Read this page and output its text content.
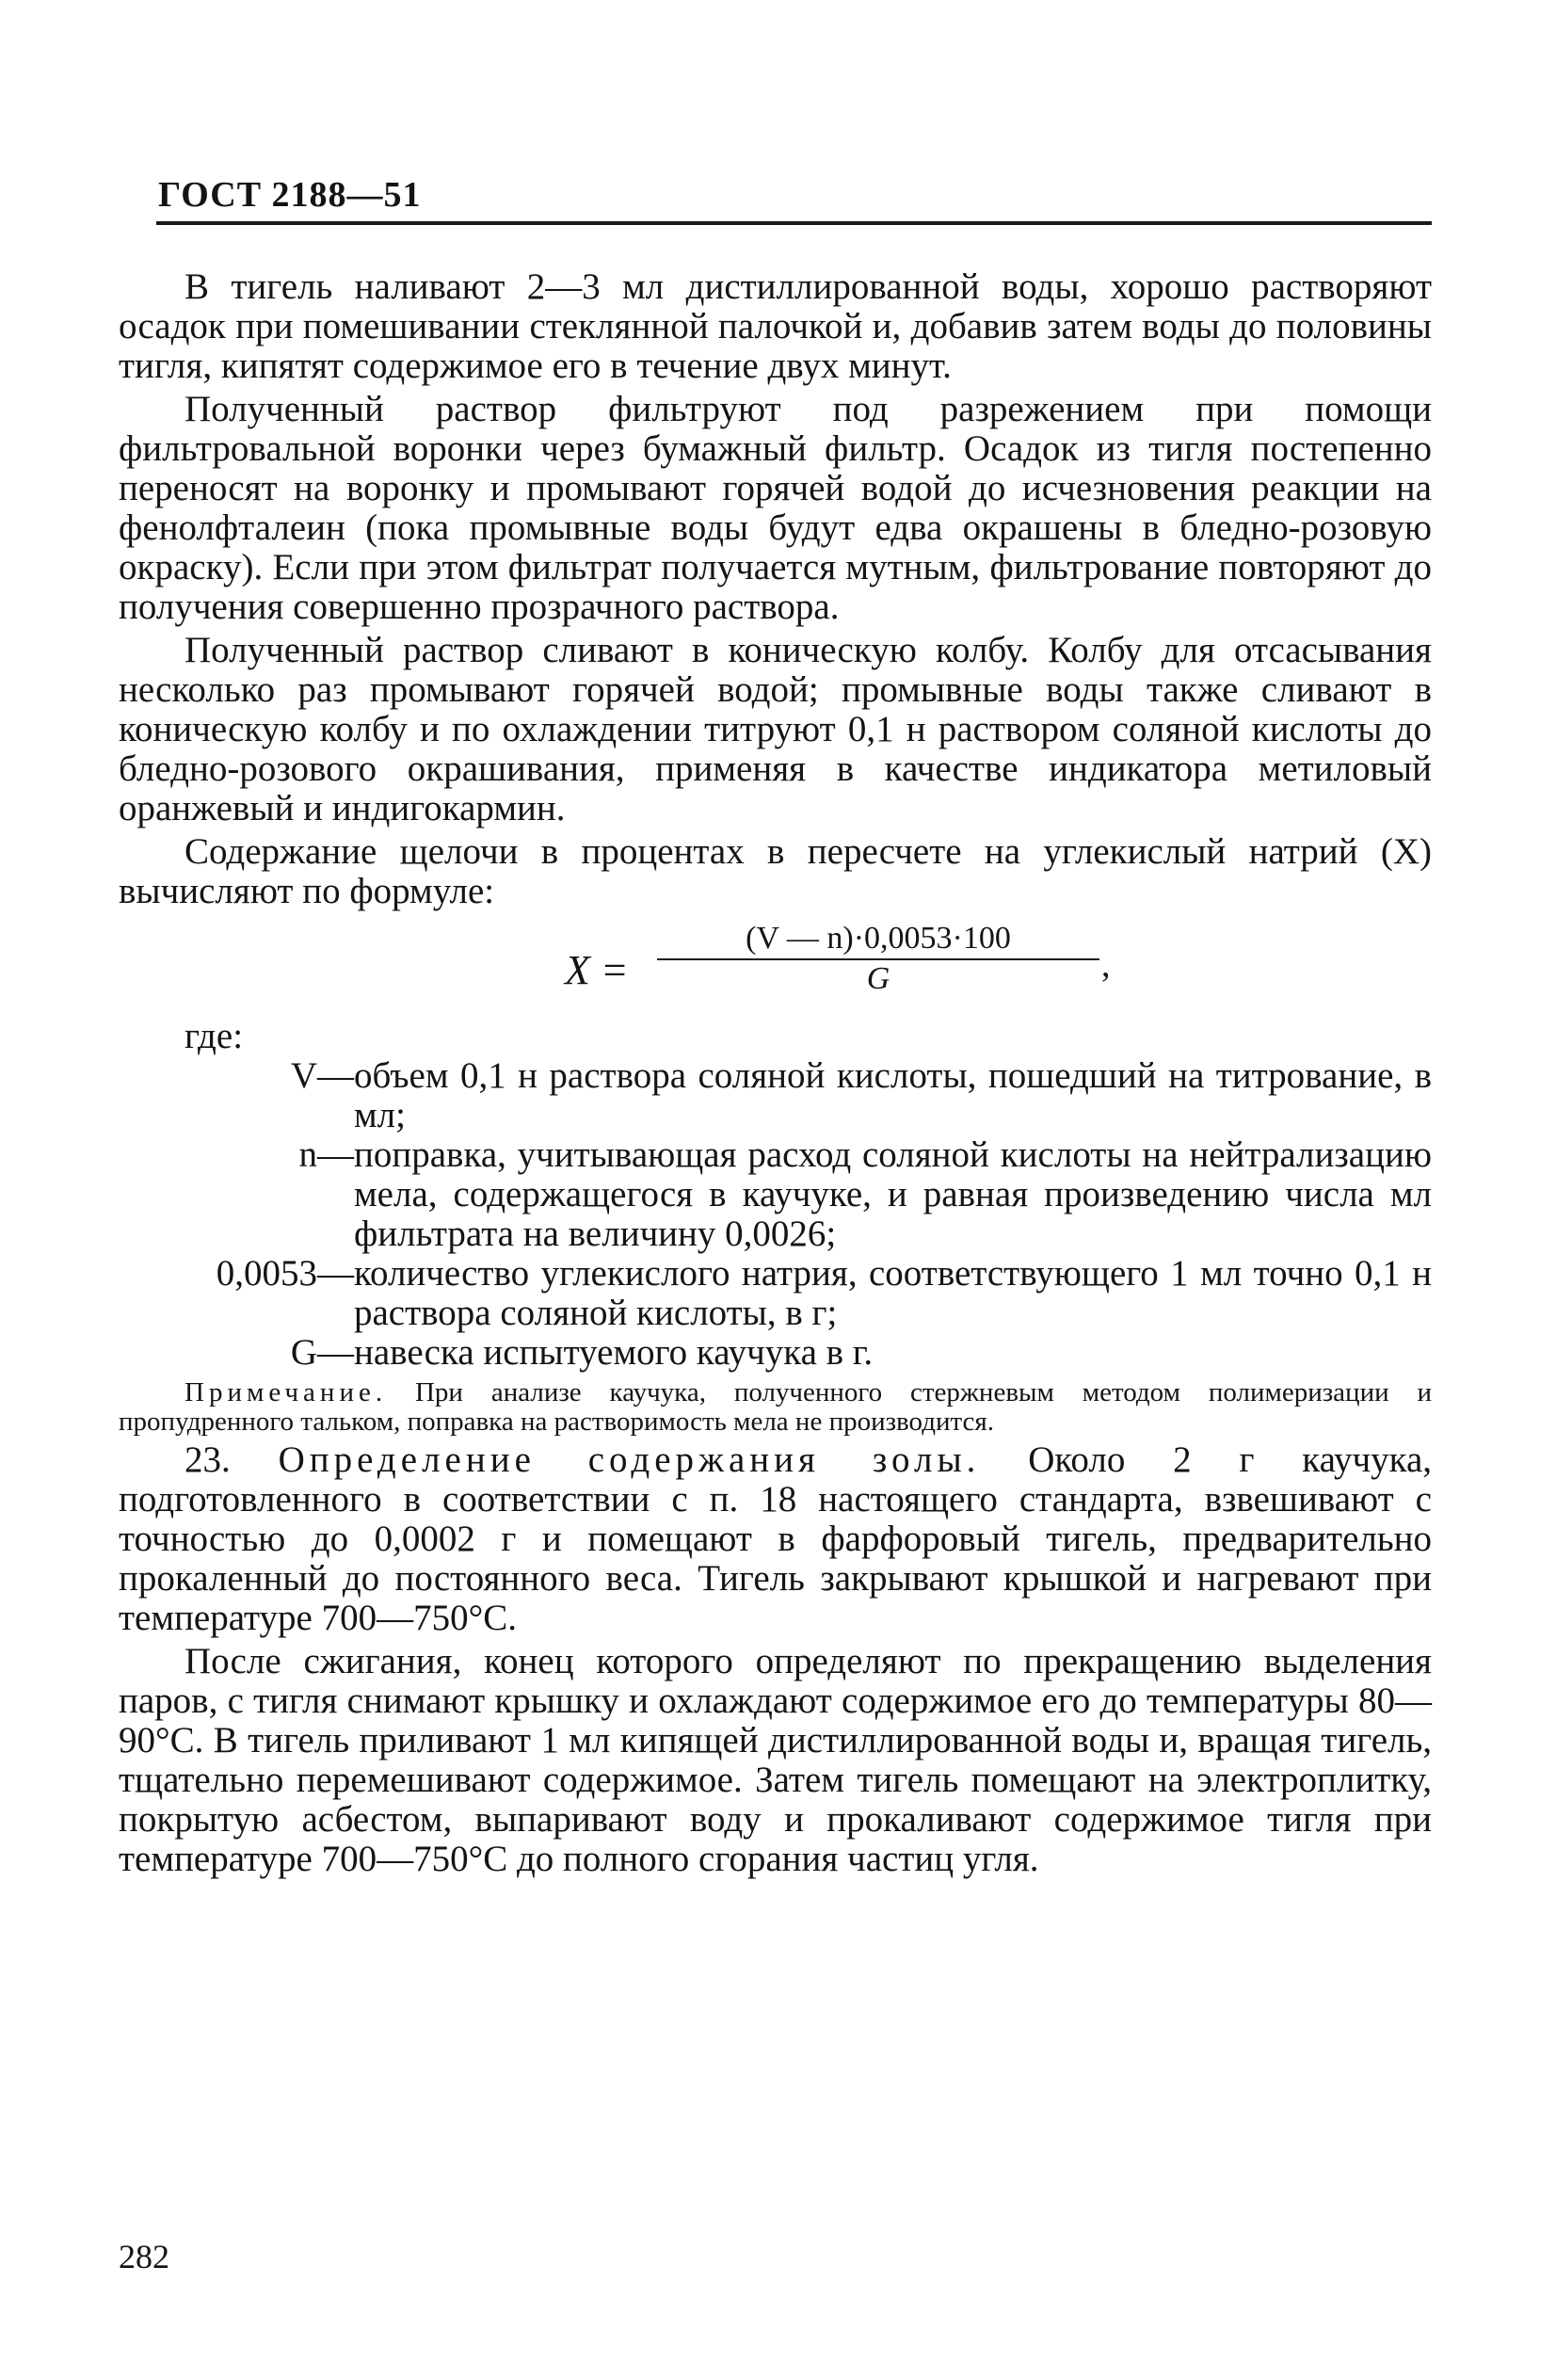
ГОСТ 2188—51

В тигель наливают 2—3 мл дистиллированной воды, хорошо растворяют осадок при помешивании стеклянной палочкой и, добавив затем воды до половины тигля, кипятят содержимое его в течение двух минут.

Полученный раствор фильтруют под разрежением при помощи фильтровальной воронки через бумажный фильтр. Осадок из тигля постепенно переносят на воронку и промывают горячей водой до исчезновения реакции на фенолфталеин (пока промывные воды будут едва окрашены в бледно-розовую окраску). Если при этом фильтрат получается мутным, фильтрование повторяют до получения совершенно прозрачного раствора.

Полученный раствор сливают в коническую колбу. Колбу для отсасывания несколько раз промывают горячей водой; промывные воды также сливают в коническую колбу и по охлаждении титруют 0,1 н раствором соляной кислоты до бледно-розового окрашивания, применяя в качестве индикатора метиловый оранжевый и индигокармин.

Содержание щелочи в процентах в пересчете на углекислый натрий (X) вычисляют по формуле:

X =
(V — n)·0,0053·100
G	,

где:

V— объем 0,1 н раствора соляной кислоты, пошедший на титрование, в мл;
n— поправка, учитывающая расход соляной кислоты на нейтрализацию мела, содержащегося в каучуке, и равная произведению числа мл фильтрата на величину 0,0026;
0,0053— количество углекислого натрия, соответствующего 1 мл точно 0,1 н раствора соляной кислоты, в г;
G— навеска испытуемого каучука в г.

Примечание. При анализе каучука, полученного стержневым методом полимеризации и пропудренного тальком, поправка на растворимость мела не производится.

23. Определение содержания золы. Около 2 г каучука, подготовленного в соответствии с п. 18 настоящего стандарта, взвешивают с точностью до 0,0002 г и помещают в фарфоровый тигель, предварительно прокаленный до постоянного веса. Тигель закрывают крышкой и нагревают при температуре 700—750°С.

После сжигания, конец которого определяют по прекращению выделения паров, с тигля снимают крышку и охлаждают содержимое его до температуры 80—90°С. В тигель приливают 1 мл кипящей дистиллированной воды и, вращая тигель, тщательно перемешивают содержимое. Затем тигель помещают на электроплитку, покрытую асбестом, выпаривают воду и прокаливают содержимое тигля при температуре 700—750°С до полного сгорания частиц угля.

282
